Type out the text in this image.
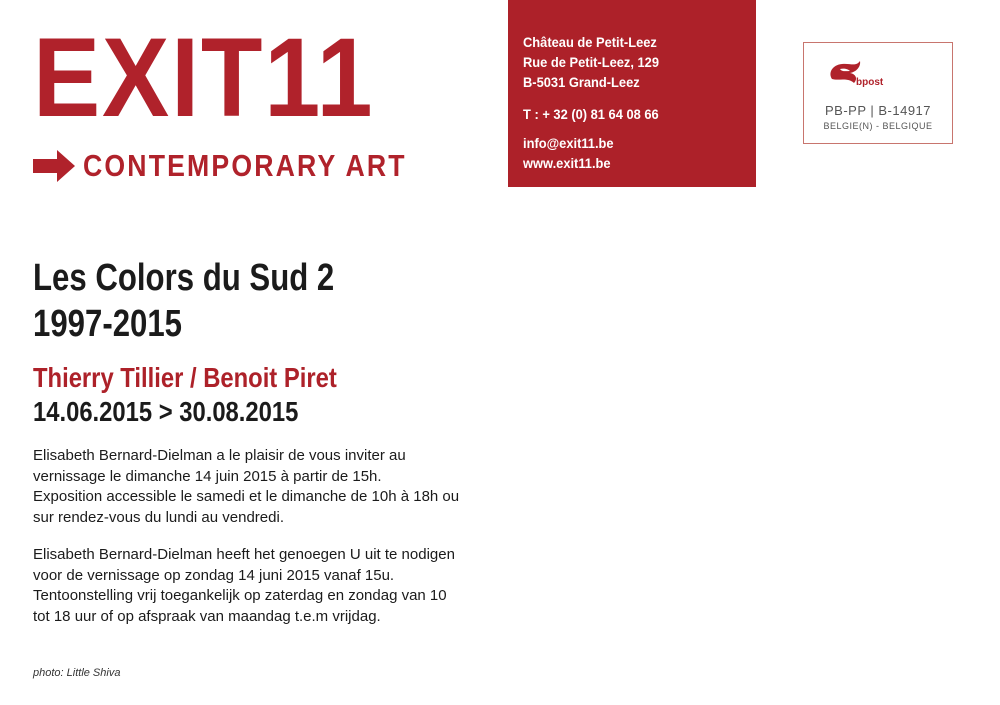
EXIT11
CONTEMPORARY ART
Château de Petit-Leez
Rue de Petit-Leez, 129
B-5031 Grand-Leez
T : + 32 (0) 81 64 08 66
info@exit11.be
www.exit11.be
bpost
PB-PP | B-14917
BELGIE(N) - BELGIQUE
Les Colors du Sud 2
1997-2015
Thierry Tillier / Benoit Piret
14.06.2015 > 30.08.2015
Elisabeth Bernard-Dielman a le plaisir de vous inviter au
vernissage le dimanche 14 juin 2015 à partir de 15h.
Exposition accessible le samedi et le dimanche de 10h à 18h ou
sur rendez-vous du lundi au vendredi.
Elisabeth Bernard-Dielman heeft het genoegen U uit te nodigen
voor de vernissage op zondag 14 juni 2015 vanaf 15u.
Tentoonstelling vrij toegankelijk op zaterdag en zondag van 10
tot 18 uur of op afspraak van maandag t.e.m vrijdag.
photo: Little Shiva
